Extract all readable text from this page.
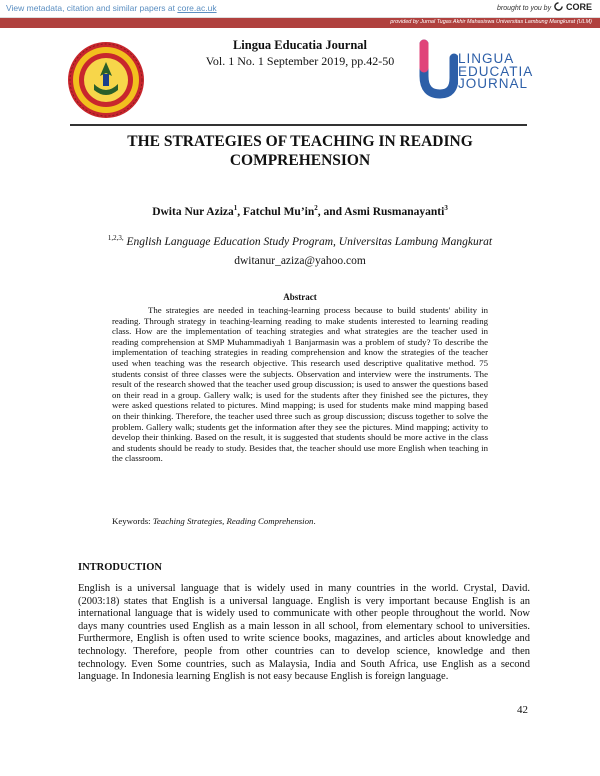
View metadata, citation and similar papers at core.ac.uk	brought to you by CORE
provided by Jurnal Tugas Akhir Mahasiswa Universitas Lambung Mangkurat (ULM)
Lingua Educatia Journal
Vol. 1 No. 1 September 2019, pp.42-50	LINGUA
EDUCATIA
JOURNAL
THE STRATEGIES OF TEACHING IN READING
COMPREHENSION
Dwita Nur Aziza$^1$, Fatchul $Mu’in^2$, and Asmi Rusmanayanti$^3$
$^{1,2,3,}$ English Language Education Study Program, Universitas Lambung Mangkurat
dwitanur_aziza@yahoo.com
Abstract

The strategies are needed in teaching-learning process because to build students' ability in reading. Through strategy in teaching-learning reading to make students interested to learning reading class. How are the implementation of teaching strategies and what strategies are the teacher used in reading comprehension at SMP Muhammadiyah 1 Banjarmasin was a problem of study? To describe the implementation of teaching strategies in reading comprehension and know the strategies of the teacher used when teaching was the research objective. This research used descriptive qualitative method. 75 students consist of three classes were the subjects. Observation and interview were the instruments. The result of the research showed that the teacher used group discussion; is used to answer the questions based on their read in a group. Gallery walk; is used for the students after they finished see the pictures, they were asked questions related to pictures. Mind mapping; is used for students make mind mapping based on their thinking. Therefore, the teacher used three such as group discussion; discuss together to solve the problem. Gallery walk; students get the information after they see the pictures. Mind mapping; activity to develop their thinking. Based on the result, it is suggested that students should be more active in the class and students should be ready to study. Besides that, the teacher should use more English when teaching in the classroom.

Keywords: Teaching Strategies, Reading Comprehension.
INTRODUCTION

English is a universal language that is widely used in many countries in the world. Crystal, David. (2003:18) states that English is a universal language. English is very important because English is an international language that is widely used to communicate with other people throughout the world. Now days many countries used English as a main lesson in all school, from elementary school to universities. Furthermore, English is often used to write science books, magazines, and articles about knowledge and technology. Therefore, people from other countries can to develop science, knowledge and then technology. Even Some countries, such as Malaysia, India and South Africa, use English as a second language. In Indonesia learning English is not easy because English is foreign language.

42
